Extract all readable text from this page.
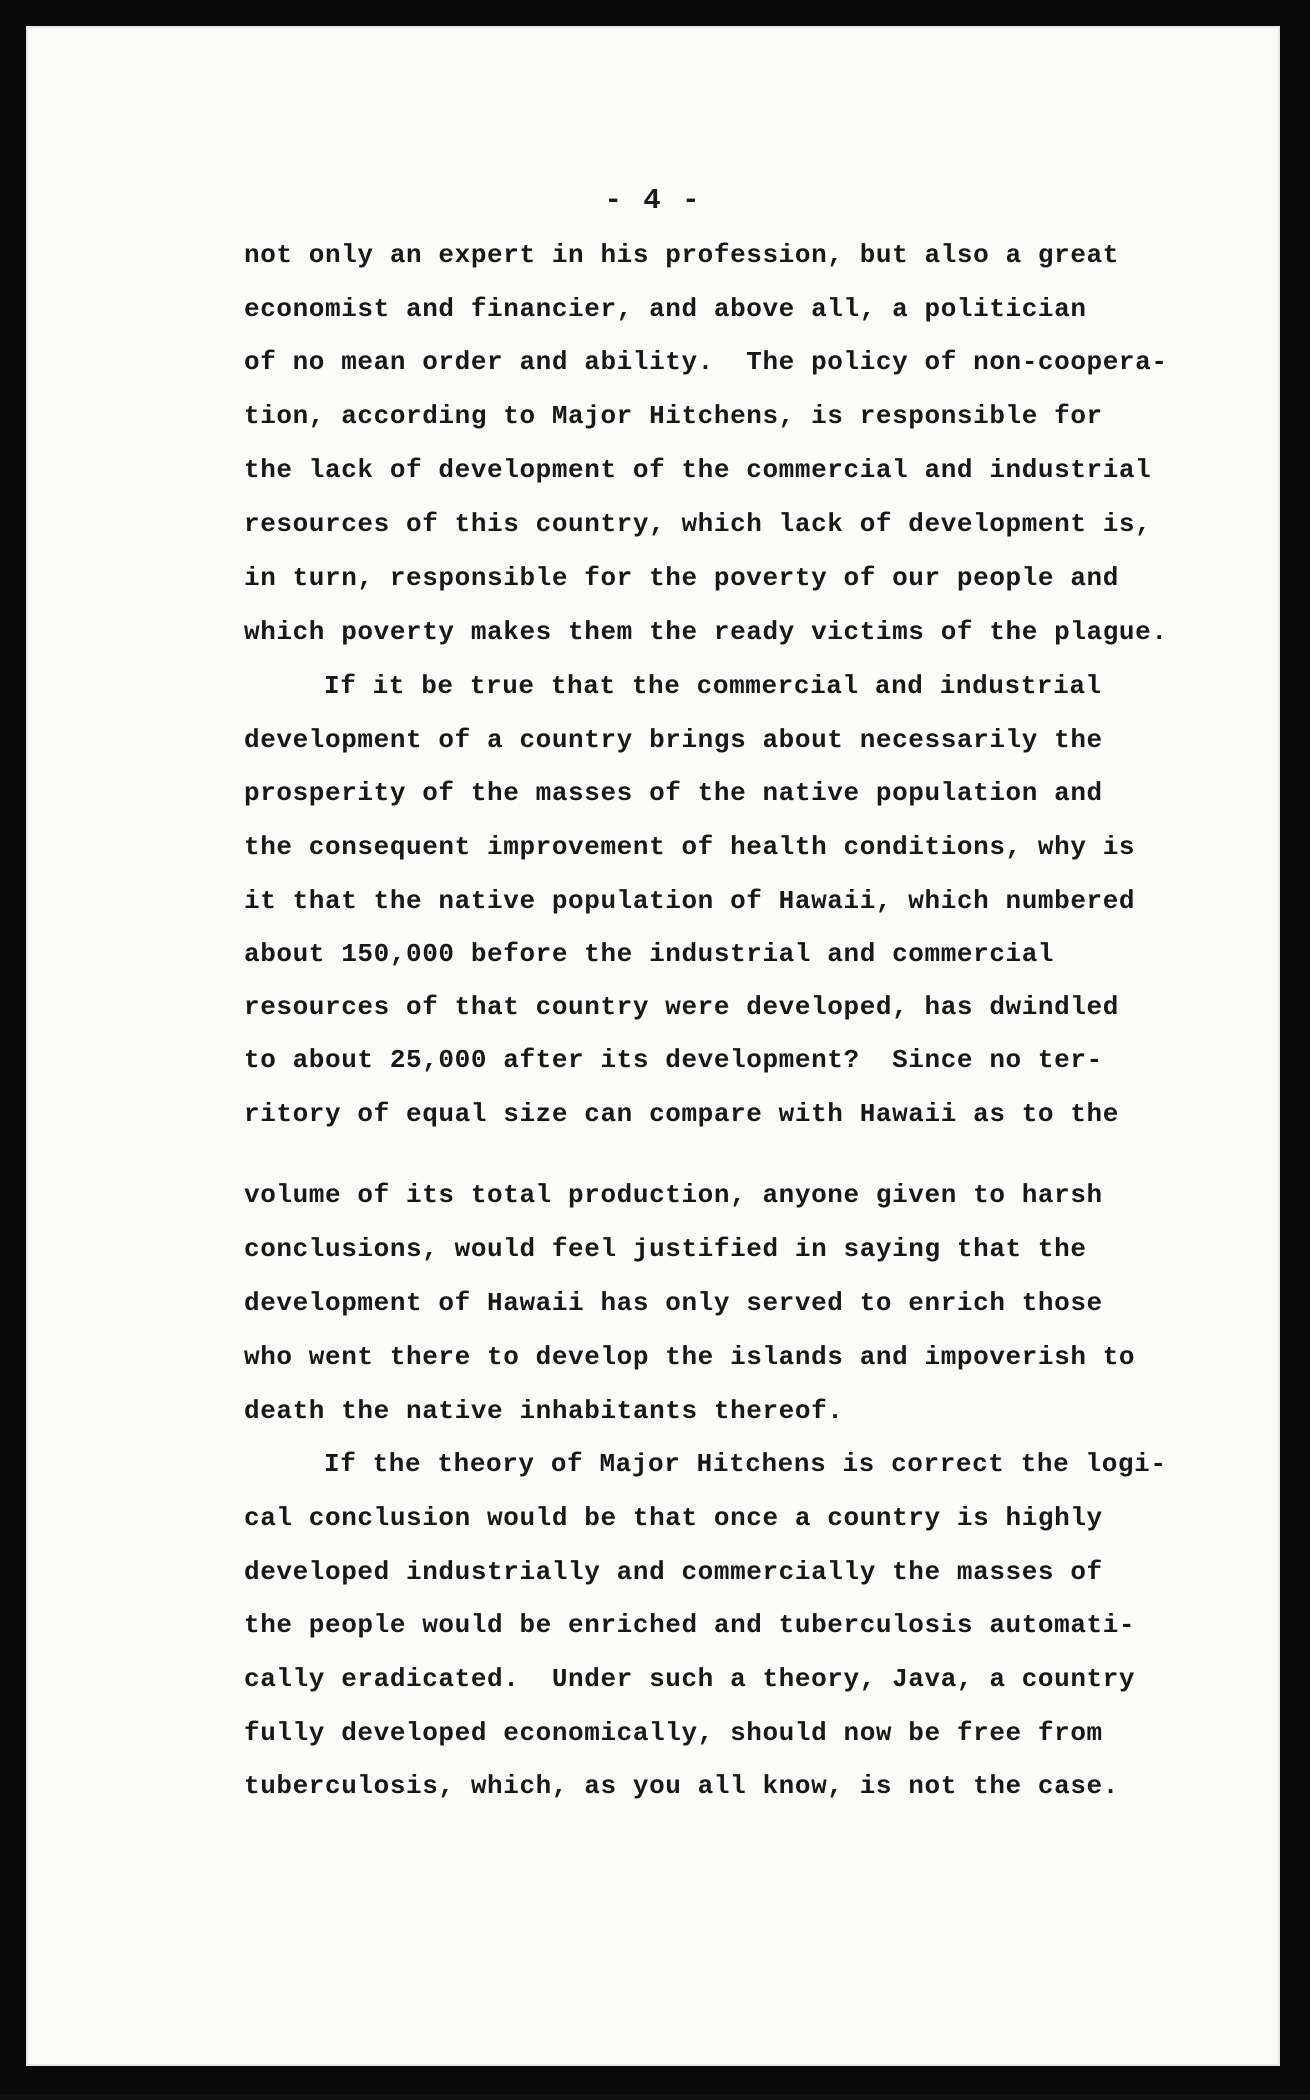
- 4 -
not only an expert in his profession, but also a great
economist and financier, and above all, a politician
of no mean order and ability.  The policy of non-coopera-
tion, according to Major Hitchens, is responsible for
the lack of development of the commercial and industrial
resources of this country, which lack of development is,
in turn, responsible for the poverty of our people and
which poverty makes them the ready victims of the plague.
If it be true that the commercial and industrial
development of a country brings about necessarily the
prosperity of the masses of the native population and
the consequent improvement of health conditions, why is
it that the native population of Hawaii, which numbered
about 150,000 before the industrial and commercial
resources of that country were developed, has dwindled
to about 25,000 after its development?  Since no ter-
ritory of equal size can compare with Hawaii as to the
volume of its total production, anyone given to harsh
conclusions, would feel justified in saying that the
development of Hawaii has only served to enrich those
who went there to develop the islands and impoverish to
death the native inhabitants thereof.
If the theory of Major Hitchens is correct the logi-
cal conclusion would be that once a country is highly
developed industrially and commercially the masses of
the people would be enriched and tuberculosis automati-
cally eradicated.  Under such a theory, Java, a country
fully developed economically, should now be free from
tuberculosis, which, as you all know, is not the case.
